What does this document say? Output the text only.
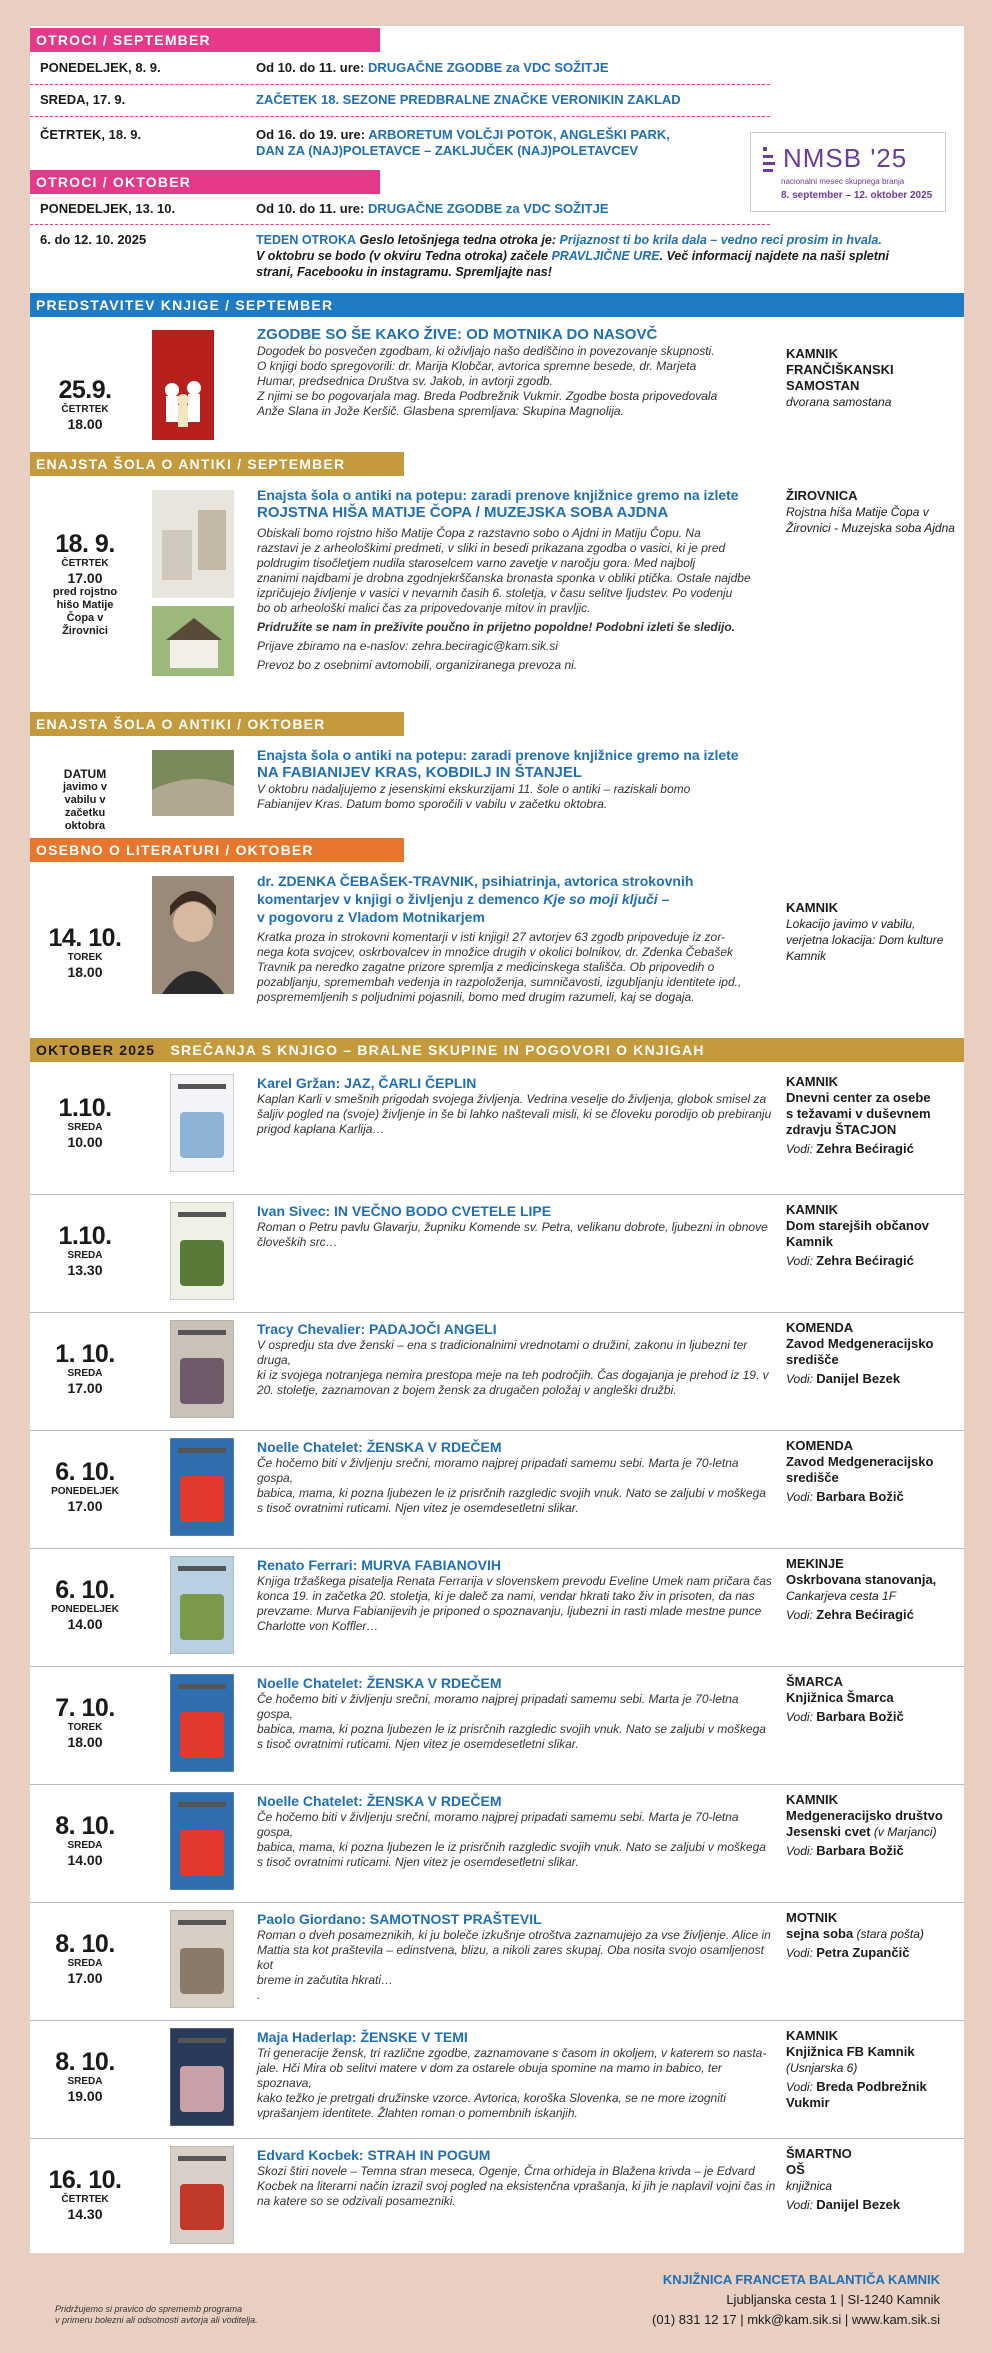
OTROCI / SEPTEMBER
PONEDELJEK, 8. 9.	Od 10. do 11. ure: DRUGAČNE ZGODBE za VDC SOŽITJE
SREDA, 17. 9.	ZAČETEK 18. SEZONE PREDBRALNE ZNAČKE VERONIKIN ZAKLAD
ČETRTEK, 18. 9.	Od 16. do 19. ure: ARBORETUM VOLČJI POTOK, ANGLEŠKI PARK,
DAN ZA (NAJ)POLETAVCE – ZAKLJUČEK (NAJ)POLETAVCEV	NMSB '25
nacionalni mesec skupnega branja
8. september – 12. oktober 2025
OTROCI / OKTOBER
PONEDELJEK, 13. 10.	Od 10. do 11. ure: DRUGAČNE ZGODBE za VDC SOŽITJE
6. do 12. 10. 2025	TEDEN OTROKA Geslo letošnjega tedna otroka je: Prijaznost ti bo krila dala – vedno reci prosim in hvala.
V oktobru se bodo (v okviru Tedna otroka) začele PRAVLJIČNE URE. Več informacij najdete na naši spletni
strani, Facebooku in instagramu. Spremljajte nas!
PREDSTAVITEV KNJIGE / SEPTEMBER
25.9.
ČETRTEK
18.00
ZGODBE SO ŠE KAKO ŽIVE: OD MOTNIKA DO NASOVČ
Dogodek bo posvečen zgodbam, ki oživljajo našo dediščino in povezovanje skupnosti.
O knjigi bodo spregovorili: dr. Marija Klobčar, avtorica spremne besede, dr. Marjeta
Humar, predsednica Društva sv. Jakob, in avtorji zgodb.
Z njimi se bo pogovarjala mag. Breda Podbrežnik Vukmir. Zgodbe bosta pripovedovala
Anže Slana in Jože Keršič. Glasbena spremljava: Skupina Magnolija.
KAMNIK
FRANČIŠKANSKI
SAMOSTAN
dvorana samostana
ENAJSTA ŠOLA O ANTIKI / SEPTEMBER
18. 9.
ČETRTEK
17.00
pred rojstno hišo Matije Čopa v Žirovnici
Enajsta šola o antiki na potepu: zaradi prenove knjižnice gremo na izlete
ROJSTNA HIŠA MATIJE ČOPA / MUZEJSKA SOBA AJDNA
Obiskali bomo rojstno hišo Matije Čopa z razstavno sobo o Ajdni in Matiju Čopu. Na
razstavi je z arheološkimi predmeti, v sliki in besedi prikazana zgodba o vasici, ki je pred
poldrugim tisočletjem nudila staroselcem varno zavetje v naročju gora. Med najbolj
znanimi najdbami je drobna zgodnjekrščanska bronasta sponka v obliki ptička. Ostale najdbe
izpričujejo življenje v vasici v nevarnih časih 6. stoletja, v času selitve ljudstev. Po vodenju
bo ob arheološki malici čas za pripovedovanje mitov in pravljic.
Pridružite se nam in preživite poučno in prijetno popoldne! Podobni izleti še sledijo.
Prijave zbiramo na e-naslov: zehra.beciragic@kam.sik.si
Prevoz bo z osebnimi avtomobili, organiziranega prevoza ni.
ŽIROVNICA
Rojstna hiša Matije Čopa v Žirovnici - Muzejska soba Ajdna
ENAJSTA ŠOLA O ANTIKI / OKTOBER
DATUM
javimo v vabilu v začetku oktobra
Enajsta šola o antiki na potepu: zaradi prenove knjižnice gremo na izlete
NA FABIANIJEV KRAS, KOBDILJ IN ŠTANJEL
V oktobru nadaljujemo z jesenskimi ekskurzijami 11. šole o antiki – raziskali bomo
Fabianijev Kras. Datum bomo sporočili v vabilu v začetku oktobra.
OSEBNO O LITERATURI / OKTOBER
14. 10.
TOREK
18.00
dr. ZDENKA ČEBAŠEK-TRAVNIK, psihiatrinja, avtorica strokovnih
komentarjev v knjigi o življenju z demenco Kje so moji ključi –
v pogovoru z Vladom Motnikarjem
Kratka proza in strokovni komentarji v isti knjigi! 27 avtorjev 63 zgodb pripoveduje iz zor-
nega kota svojcev, oskrbovalcev in množice drugih v okolici bolnikov, dr. Zdenka Čebašek
Travnik pa neredko zagatne prizore spremlja z medicinskega stališča. Ob pripovedih o
pozabljanju, spremembah vedenja in razpoloženja, sumničavosti, izgubljanju identitete ipd.,
posprememljenih s poljudnimi pojasnili, bomo med drugim razumeli, kaj se dogaja.
KAMNIK
Lokacijo javimo v vabilu, verjetna lokacija: Dom kulture Kamnik
OKTOBER 2025 SREČANJA S KNJIGO – BRALNE SKUPINE IN POGOVORI O KNJIGAH
1.10.
SREDA
10.00
Karel Gržan: JAZ, ČARLI ČEPLIN
Kaplan Karli v smešnih prigodah svojega življenja. Vedrina veselje do življenja, globok smisel za
šaljiv pogled na (svoje) življenje in še bi lahko naštevali misli, ki se človeku porodijo ob prebiranju
prigod kaplana Karlija…
KAMNIK
Dnevni center za osebe
s težavami v duševnem
zdravju ŠTACJON
Vodi: Zehra Bećiragić
1.10.
SREDA
13.30
Ivan Sivec: IN VEČNO BODO CVETELE LIPE
Roman o Petru pavlu Glavarju, župniku Komende sv. Petra, velikanu dobrote, ljubezni in obnove
človeških src…
KAMNIK
Dom starejših občanov
Kamnik
Vodi: Zehra Bećiragić
1. 10.
SREDA
17.00
Tracy Chevalier: PADAJOČI ANGELI
V ospredju sta dve ženski – ena s tradicionalnimi vrednotami o družini, zakonu in ljubezni ter druga,
ki iz svojega notranjega nemira prestopa meje na teh področjih. Čas dogajanja je prehod iz 19. v
20. stoletje, zaznamovan z bojem žensk za drugačen položaj v angleški družbi.
KOMENDA
Zavod Medgeneracijsko
središče
Vodi: Danijel Bezek
6. 10.
PONEDELJEK
17.00
Noelle Chatelet: ŽENSKA V RDEČEM
Če hočemo biti v življenju srečni, moramo najprej pripadati samemu sebi. Marta je 70-letna gospa,
babica, mama, ki pozna ljubezen le iz prisrčnih razgledic svojih vnuk. Nato se zaljubi v moškega
s tisoč ovratnimi ruticami. Njen vitez je osemdesetletni slikar.
KOMENDA
Zavod Medgeneracijsko
središče
Vodi: Barbara Božič
6. 10.
PONEDELJEK
14.00
Renato Ferrari: MURVA FABIANOVIH
Knjiga tržaškega pisatelja Renata Ferrarija v slovenskem prevodu Eveline Umek nam pričara čas
konca 19. in začetka 20. stoletja, ki je daleč za nami, vendar hkrati tako živ in prisoten, da nas
prevzame. Murva Fabianijevih je priponed o spoznavanju, ljubezni in rasti mlade mestne punce
Charlotte von Koffler…
MEKINJE
Oskrbovana stanovanja,
Cankarjeva cesta 1F
Vodi: Zehra Bećiragić
7. 10.
TOREK
18.00
Noelle Chatelet: ŽENSKA V RDEČEM
Če hočemo biti v življenju srečni, moramo najprej pripadati samemu sebi. Marta je 70-letna gospa,
babica, mama, ki pozna ljubezen le iz prisrčnih razgledic svojih vnuk. Nato se zaljubi v moškega
s tisoč ovratnimi ruticami. Njen vitez je osemdesetletni slikar.
ŠMARCA
Knjižnica Šmarca
Vodi: Barbara Božič
8. 10.
SREDA
14.00
Noelle Chatelet: ŽENSKA V RDEČEM
Če hočemo biti v življenju srečni, moramo najprej pripadati samemu sebi. Marta je 70-letna gospa,
babica, mama, ki pozna ljubezen le iz prisrčnih razgledic svojih vnuk. Nato se zaljubi v moškega
s tisoč ovratnimi ruticami. Njen vitez je osemdesetletni slikar.
KAMNIK
Medgeneracijsko društvo
Jesenski cvet (v Marjanci)
Vodi: Barbara Božič
8. 10.
SREDA
17.00
Paolo Giordano: SAMOTNOST PRAŠTEVIL
Roman o dveh posameznikih, ki ju boleče izkušnje otroštva zaznamujejo za vse življenje. Alice in
Mattia sta kot praštevila – edinstvena, blizu, a nikoli zares skupaj. Oba nosita svojo osamljenost kot
breme in začutita hkrati…
.
MOTNIK
sejna soba (stara pošta)
Vodi: Petra Zupančič
8. 10.
SREDA
19.00
Maja Haderlap: ŽENSKE V TEMI
Tri generacije žensk, tri različne zgodbe, zaznamovane s časom in okoljem, v katerem so nasta-
jale. Hči Mira ob selitvi matere v dom za ostarele obuja spomine na mamo in babico, ter spoznava,
kako težko je pretrgati družinske vzorce. Avtorica, koroška Slovenka, se ne more izogniti vprašanjem identitete. Žlahten roman o pomembnih iskanjih.
KAMNIK
Knjižnica FB Kamnik
(Usnjarska 6)
Vodi: Breda Podbrežnik Vukmir
16. 10.
ČETRTEK
14.30
Edvard Kocbek: STRAH IN POGUM
Skozi štiri novele – Temna stran meseca, Ogenje, Črna orhideja in Blažena krivda – je Edvard
Kocbek na literarni način izrazil svoj pogled na eksistenčna vprašanja, ki jih je naplavil vojni čas in
na katere so se odzivali posamezniki.
ŠMARTNO
OŠ
knjižnica
Vodi: Danijel Bezek
Pridržujemo si pravico do sprememb programa
v primeru bolezni ali odsotnosti avtorja ali voditelja.
KNJIŽNICA FRANCETA BALANTIČA KAMNIK
Ljubljanska cesta 1 | SI-1240 Kamnik
(01) 831 12 17 | mkk@kam.sik.si | www.kam.sik.si
